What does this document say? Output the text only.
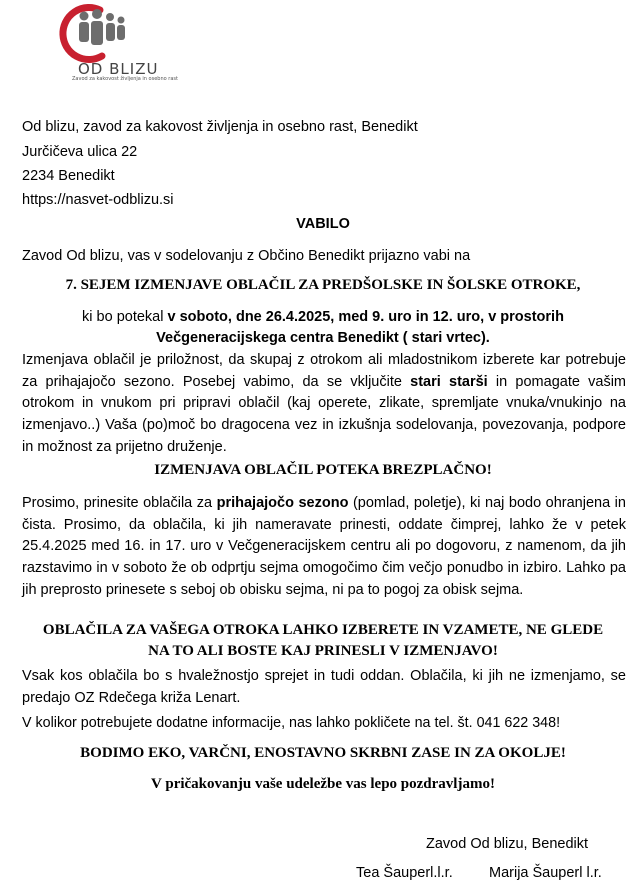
OD BLIZU
Zavod za kakovost življenja in osebno rast
Od blizu, zavod za kakovost življenja in osebno rast, Benedikt
Jurčičeva ulica 22
2234 Benedikt
https://nasvet-odblizu.si
VABILO
Zavod Od blizu, vas v sodelovanju z Občino Benedikt prijazno vabi na
7. SEJEM IZMENJAVE OBLAČIL ZA PREDŠOLSKE IN ŠOLSKE OTROKE,
ki bo potekal v soboto, dne 26.4.2025, med 9. uro in 12. uro, v prostorih
Večgeneracijskega centra Benedikt ( stari vrtec).
Izmenjava oblačil je priložnost, da skupaj z otrokom ali mladostnikom izberete kar potrebuje za prihajajočo sezono. Posebej vabimo, da se vključite stari starši in pomagate vašim otrokom in vnukom pri pripravi oblačil (kaj operete, zlikate, spremljate vnuka/vnukinjo na izmenjavo..) Vaša (po)moč bo dragocena vez in izkušnja sodelovanja, povezovanja, podpore in možnost za prijetno druženje.
IZMENJAVA OBLAČIL POTEKA BREZPLAČNO!
Prosimo, prinesite oblačila za prihajajočo sezono (pomlad, poletje), ki naj bodo ohranjena in čista. Prosimo, da oblačila, ki jih nameravate prinesti, oddate čimprej, lahko že v petek 25.4.2025 med 16. in 17. uro v Večgeneracijskem centru ali po dogovoru, z namenom, da jih razstavimo in v soboto že ob odprtju sejma omogočimo čim večjo ponudbo in izbiro. Lahko pa jih preprosto prinesete s seboj ob obisku sejma, ni pa to pogoj za obisk sejma.
OBLAČILA ZA VAŠEGA OTROKA LAHKO IZBERETE IN VZAMETE, NE GLEDE
NA TO ALI BOSTE KAJ PRINESLI V IZMENJAVO!
Vsak kos oblačila bo s hvaležnostjo sprejet in tudi oddan. Oblačila, ki jih ne izmenjamo, se predajo OZ Rdečega križa Lenart.
V kolikor potrebujete dodatne informacije, nas lahko pokličete na tel. št. 041 622 348!
BODIMO EKO, VARČNI, ENOSTAVNO SKRBNI ZASE IN ZA OKOLJE!
V pričakovanju vaše udeležbe vas lepo pozdravljamo!
Zavod Od blizu, Benedikt
Tea Šauperl.l.r.	Marija Šauperl l.r.
